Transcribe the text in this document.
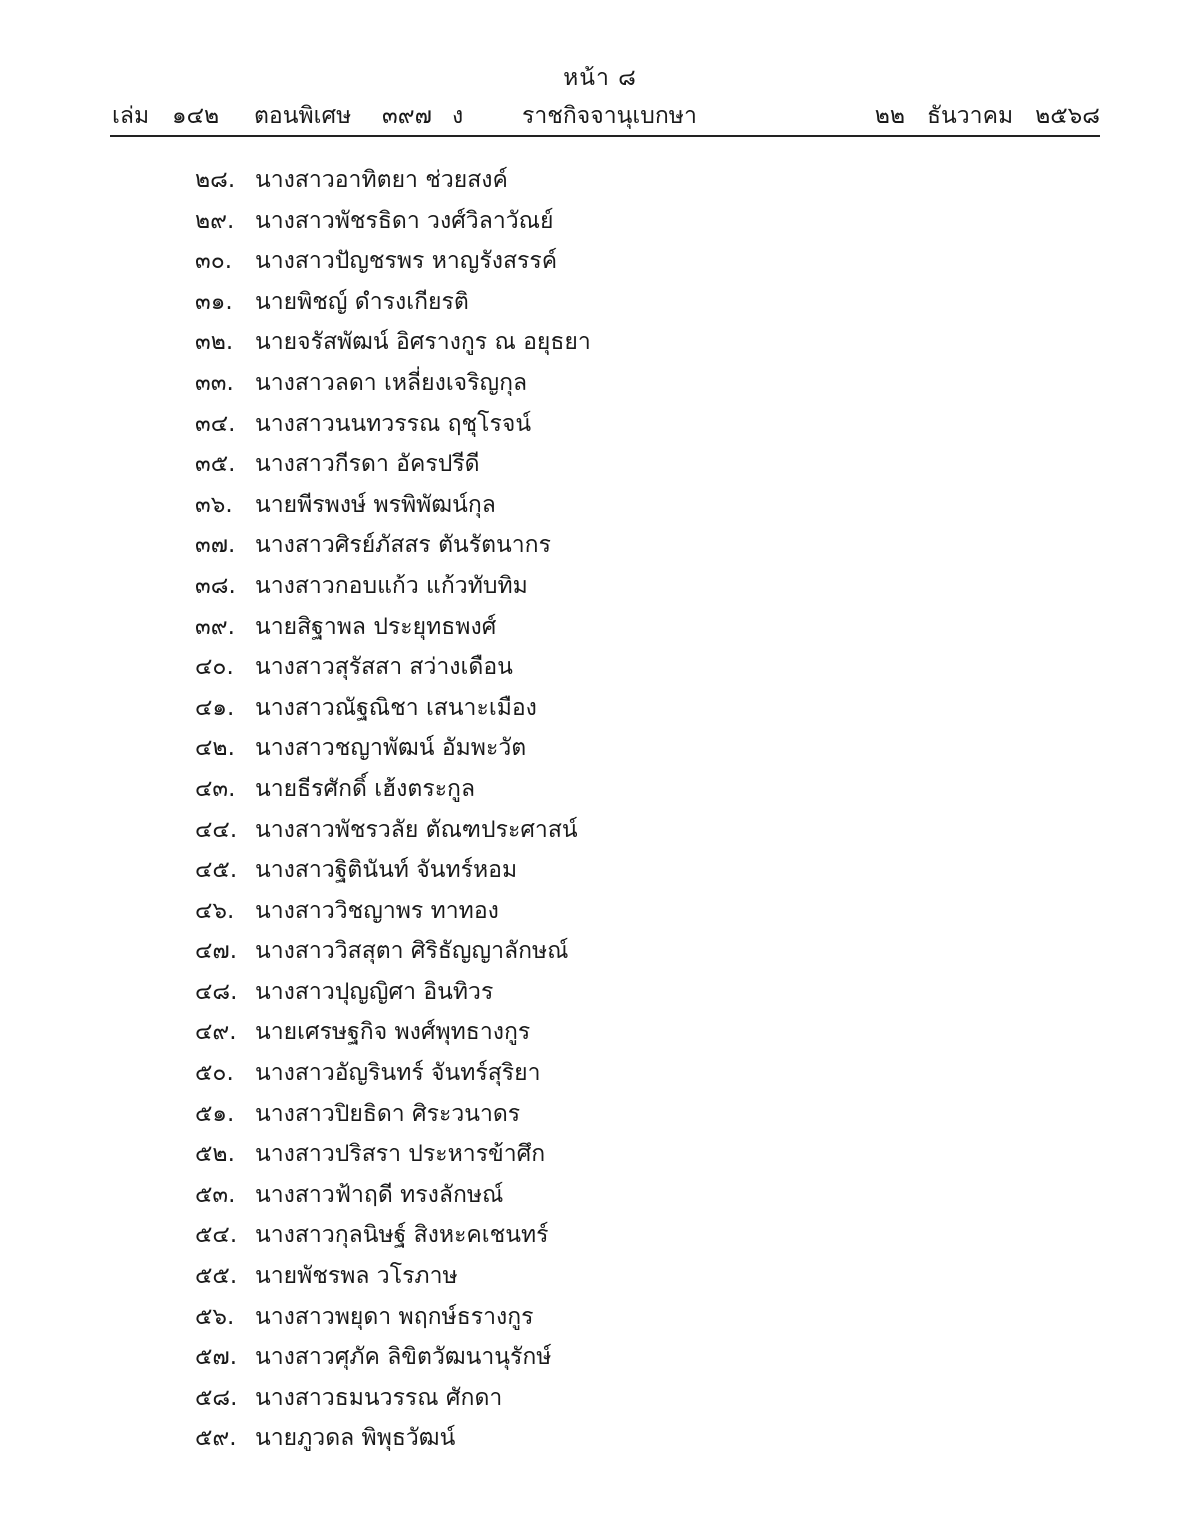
หน้า ๘
เล่ม ๑๔๒ ตอนพิเศษ ๓๙๗ ง	ราชกิจจานุเบกษา	๒๒ ธันวาคม ๒๕๖๘
๒๘. นางสาวอาทิตยา ช่วยสงค์
๒๙. นางสาวพัชรธิดา วงศ์วิลาวัณย์
๓๐. นางสาวปัญชรพร หาญรังสรรค์
๓๑. นายพิชญ์ ดำรงเกียรติ
๓๒. นายจรัสพัฒน์ อิศรางกูร ณ อยุธยา
๓๓. นางสาวลดา เหลี่ยงเจริญกุล
๓๔. นางสาวนนทวรรณ ฤชุโรจน์
๓๕. นางสาวกีรดา อัครปรีดี
๓๖. นายพีรพงษ์ พรพิพัฒน์กุล
๓๗. นางสาวศิรย์ภัสสร ตันรัตนากร
๓๘. นางสาวกอบแก้ว แก้วทับทิม
๓๙. นายสิฐาพล ประยุทธพงศ์
๔๐. นางสาวสุรัสสา สว่างเดือน
๔๑. นางสาวณัฐณิชา เสนาะเมือง
๔๒. นางสาวชญาพัฒน์ อัมพะวัต
๔๓. นายธีรศักดิ์ เฮ้งตระกูล
๔๔. นางสาวพัชรวลัย ตัณฑประศาสน์
๔๕. นางสาวฐิตินันท์ จันทร์หอม
๔๖. นางสาววิชญาพร ทาทอง
๔๗. นางสาววิสสุตา ศิริธัญญาลักษณ์
๔๘. นางสาวปุญญิศา อินทิวร
๔๙. นายเศรษฐกิจ พงศ์พุทธางกูร
๕๐. นางสาวอัญรินทร์ จันทร์สุริยา
๕๑. นางสาวปิยธิดา ศิระวนาดร
๕๒. นางสาวปริสรา ประหารข้าศึก
๕๓. นางสาวฟ้าฤดี ทรงลักษณ์
๕๔. นางสาวกุลนิษฐ์ สิงหะคเชนทร์
๕๕. นายพัชรพล วโรภาษ
๕๖. นางสาวพยุดา พฤกษ์ธรางกูร
๕๗. นางสาวศุภัค ลิขิตวัฒนานุรักษ์
๕๘. นางสาวธมนวรรณ ศักดา
๕๙. นายภูวดล พิพุธวัฒน์
